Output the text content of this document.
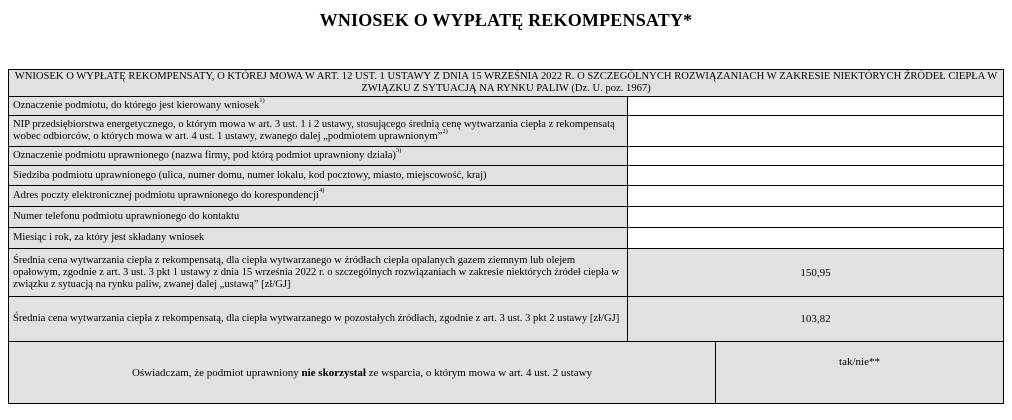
WNIOSEK O WYPŁATĘ REKOMPENSATY*
WNIOSEK O WYPŁATĘ REKOMPENSATY, O KTÓREJ MOWA W ART. 12 UST. 1 USTAWY Z DNIA 15 WRZEŚNIA 2022 R. O SZCZEGÓLNYCH ROZWIĄZANIACH W ZAKRESIE NIEKTÓRYCH ŹRÓDEŁ CIEPŁA W ZWIĄZKU Z SYTUACJĄ NA RYNKU PALIW (Dz. U. poz. 1967)
Oznaczenie podmiotu, do którego jest kierowany wniosek$^{1)}$
NIP przedsiębiorstwa energetycznego, o którym mowa w art. 3 ust. 1 i 2 ustawy, stosującego średnią cenę wytwarzania ciepła z rekompensatą wobec odbiorców, o których mowa w art. 4 ust. 1 ustawy, zwanego dalej „podmiotem uprawnionym”$^{2)}$
Oznaczenie podmiotu uprawnionego (nazwa firmy, pod którą podmiot uprawniony działa)$^{3)}$
Siedziba podmiotu uprawnionego (ulica, numer domu, numer lokalu, kod pocztowy, miasto, miejscowość, kraj)
Adres poczty elektronicznej podmiotu uprawnionego do korespondencji$^{4)}$
Numer telefonu podmiotu uprawnionego do kontaktu
Miesiąc i rok, za który jest składany wniosek
Średnia cena wytwarzania ciepła z rekompensatą, dla ciepła wytwarzanego w źródłach ciepła opalanych gazem ziemnym lub olejem opałowym, zgodnie z art. 3 ust. 3 pkt 1 ustawy z dnia 15 września 2022 r. o szczególnych rozwiązaniach w zakresie niektórych źródeł ciepła w związku z sytuacją na rynku paliw, zwanej dalej „ustawą” [zł/GJ]
150,95
Średnia cena wytwarzania ciepła z rekompensatą, dla ciepła wytwarzanego w pozostałych źródłach, zgodnie z art. 3 ust. 3 pkt 2 ustawy [zł/GJ]	103,82
Oświadczam, że podmiot uprawniony nie skorzystał ze wsparcia, o którym mowa w art. 4 ust. 2 ustawy
tak/nie**
